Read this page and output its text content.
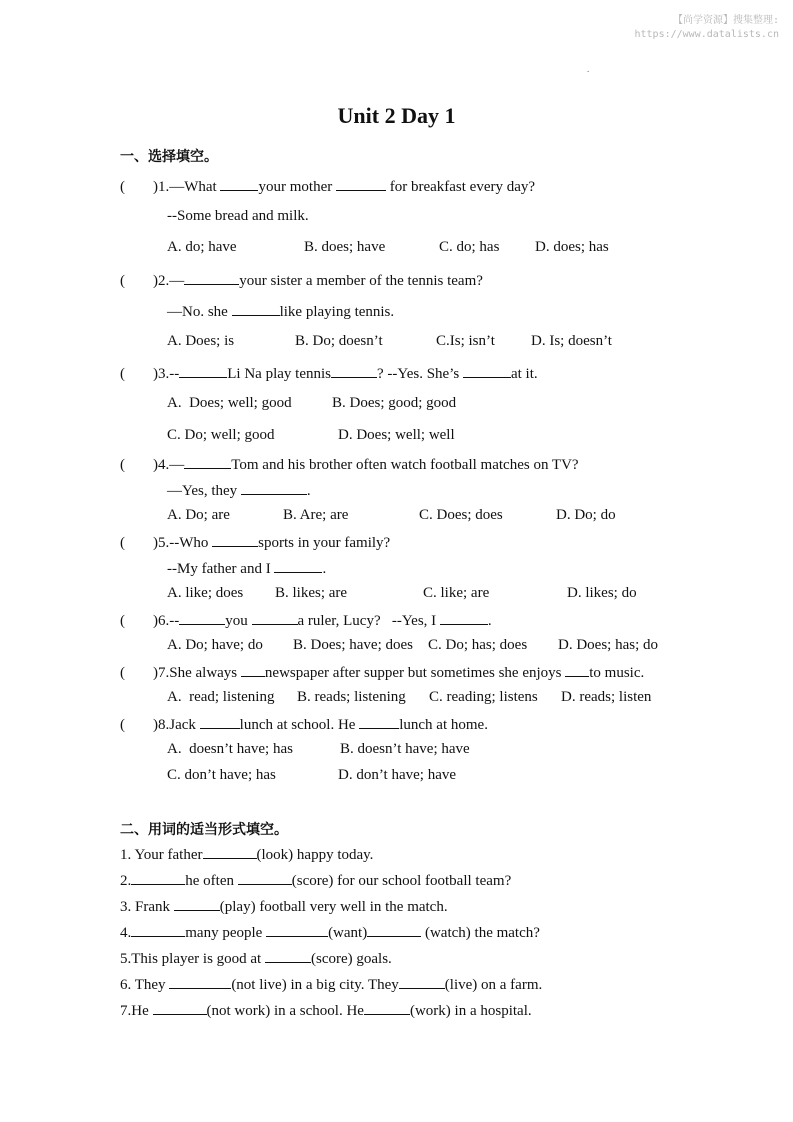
【尚学资源】搜集整理:
https://www.datalists.cn
.
Unit 2 Day 1
一、选择填空。
( )1.—What	your mother	for breakfast every day?
--Some bread and milk.
A. do; have	B. does; have	C. do; has D. does; has
( )2.—	your sister a member of the tennis team?
—No. she	like playing tennis.
A. Does; is	B. Do; doesn’t	C.Is; isn’t D. Is; doesn’t
( )3.--	Li Na play tennis	? --Yes. She’s	at it.
A.  Does; well; good	B. Does; good; good
C. Do; well; good	D. Does; well; well
( )4.—	Tom and his brother often watch football matches on TV?
—Yes, they	.
A. Do; are	B. Are; are	C. Does; does	D. Do; do
( )5.--Who	sports in your family?
--My father and I	.
A. like; does B. likes; are	C. like; are	D. likes; do
( )6.--	you	a ruler, Lucy?   --Yes, I	.
A. Do; have; do B. Does; have; does C. Do; has; does D. Does; has; do
( )7.She always newspaper after supper but sometimes she enjoys to music.
A.  read; listening B. reads; listening C. reading; listens D. reads; listen
( )8.Jack	lunch at school. He	lunch at home.
A.  doesn’t have; has	B. doesn’t have; have
C. don’t have; has	D. don’t have; have
二、用词的适当形式填空。
1. Your father	(look) happy today.
2.	he often	(score) for our school football team?
3. Frank	(play) football very well in the match.
4.	many people	(want)	(watch) the match?
5.This player is good at	(score) goals.
6. They	(not live) in a big city. They	(live) on a farm.
7.He	(not work) in a school. He	(work) in a hospital.
